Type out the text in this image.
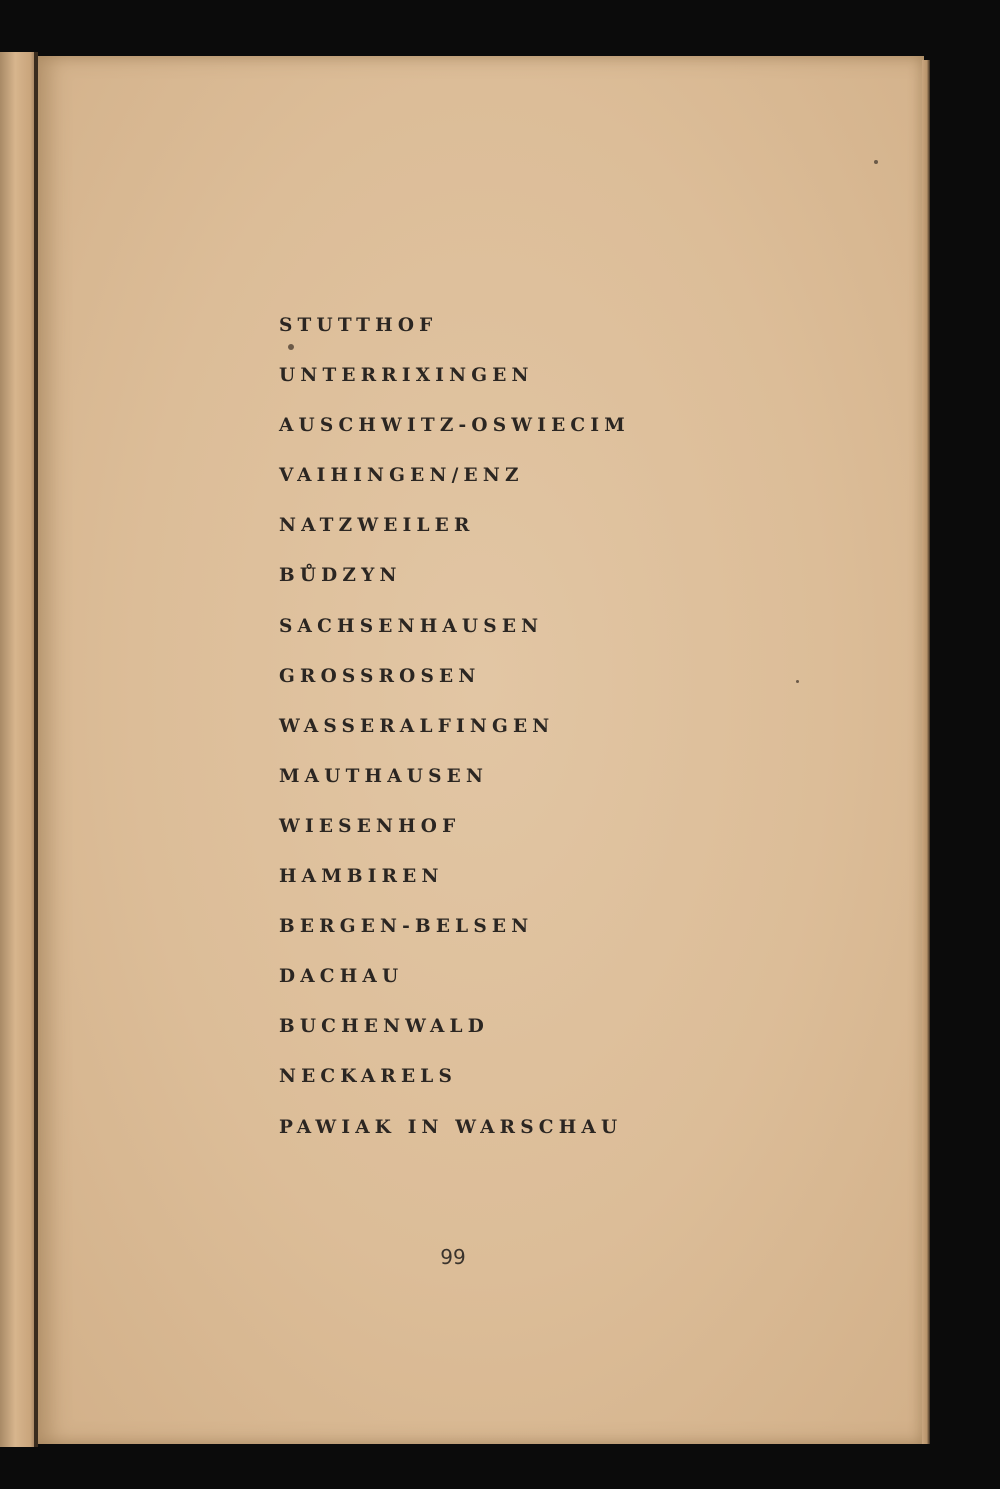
STUTTHOF
UNTERRIXINGEN
AUSCHWITZ-OSWIECIM
VAIHINGEN/ENZ
NATZWEILER
BŮDZYN
SACHSENHAUSEN
GROSSROSEN
WASSERALFINGEN
MAUTHAUSEN
WIESENHOF
HAMBIREN
BERGEN-BELSEN
DACHAU
BUCHENWALD
NECKARELS
PAWIAK IN WARSCHAU
99
